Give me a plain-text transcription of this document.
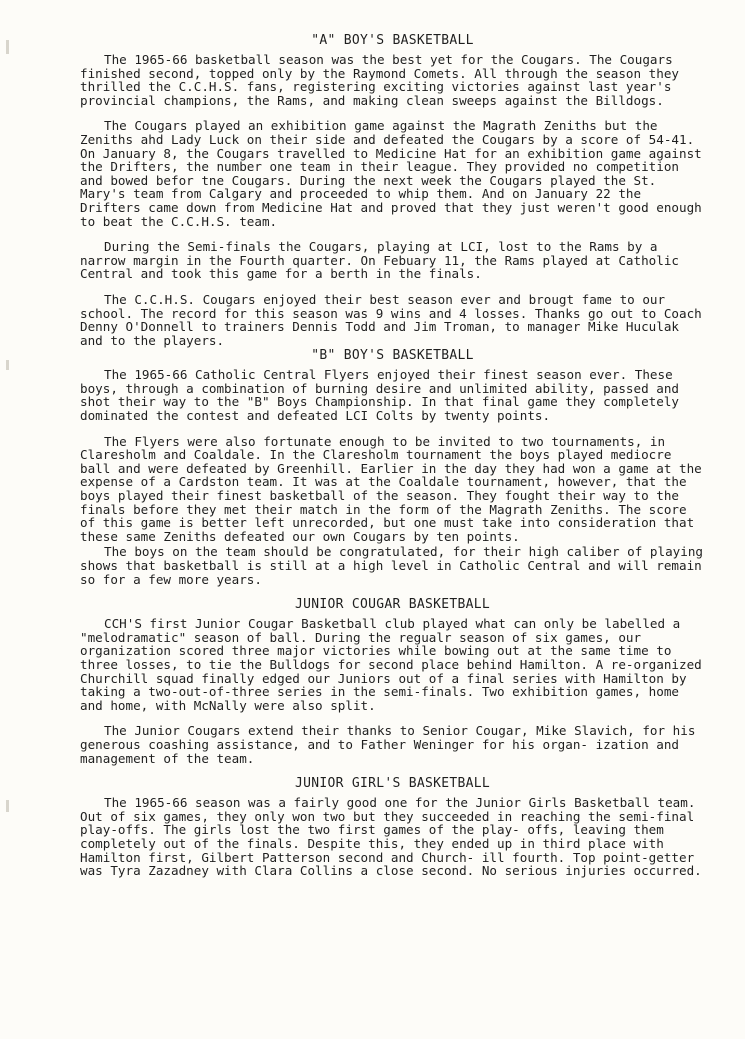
"A" BOY'S BASKETBALL

The 1965-66 basketball season was the best yet for the Cougars. The Cougars finished second, topped only by the Raymond Comets. All through the season they thrilled the C.C.H.S. fans, registering exciting victories against last year's provincial champions, the Rams, and making clean sweeps against the Billdogs.

The Cougars played an exhibition game against the Magrath Zeniths but the Zeniths ahd Lady Luck on their side and defeated the Cougars by a score of 54-41. On January 8, the Cougars travelled to Medicine Hat for an exhibition game against the Drifters, the number one team in their league. They provided no competition and bowed befor tne Cougars. During the next week the Cougars played the St. Mary's team from Calgary and proceeded to whip them. And on January 22 the Drifters came down from Medicine Hat and proved that they just weren't good enough to beat the C.C.H.S. team.

During the Semi-finals the Cougars, playing at LCI, lost to the Rams by a narrow margin in the Fourth quarter. On Febuary 11, the Rams played at Catholic Central and took this game for a berth in the finals.

The C.C.H.S. Cougars enjoyed their best season ever and brougt fame to our school. The record for this season was 9 wins and 4 losses. Thanks go out to Coach Denny O'Donnell to trainers Dennis Todd and Jim Troman, to manager Mike Huculak and to the players.

"B" BOY'S BASKETBALL

The 1965-66 Catholic Central Flyers enjoyed their finest season ever. These boys, through a combination of burning desire and unlimited ability, passed and shot their way to the "B" Boys Championship. In that final game they completely dominated the contest and defeated LCI Colts by twenty points.

The Flyers were also fortunate enough to be invited to two tournaments, in Claresholm and Coaldale. In the Claresholm tournament the boys played mediocre ball and were defeated by Greenhill. Earlier in the day they had won a game at the expense of a Cardston team. It was at the Coaldale tournament, however, that the boys played their finest basketball of the season. They fought their way to the finals before they met their match in the form of the Magrath Zeniths. The score of this game is better left unrecorded, but one must take into consideration that these same Zeniths defeated our own Cougars by ten points.

The boys on the team should be congratulated, for their high caliber of playing shows that basketball is still at a high level in Catholic Central and will remain so for a few more years.

JUNIOR COUGAR BASKETBALL

CCH'S first Junior Cougar Basketball club played what can only be labelled a "melodramatic" season of ball. During the regualr season of six games, our organization scored three major victories while bowing out at the same time to three losses, to tie the Bulldogs for second place behind Hamilton. A re-organized Churchill squad finally edged our Juniors out of a final series with Hamilton by taking a two-out-of-three series in the semi-finals. Two exhibition games, home and home, with McNally were also split.

The Junior Cougars extend their thanks to Senior Cougar, Mike Slavich, for his generous coashing assistance, and to Father Weninger for his organ- ization and management of the team.

JUNIOR GIRL'S BASKETBALL

The 1965-66 season was a fairly good one for the Junior Girls Basketball team. Out of six games, they only won two but they succeeded in reaching the semi-final play-offs. The girls lost the two first games of the play- offs, leaving them completely out of the finals. Despite this, they ended up in third place with Hamilton first, Gilbert Patterson second and Church- ill fourth. Top point-getter was Tyra Zazadney with Clara Collins a close second. No serious injuries occurred.
